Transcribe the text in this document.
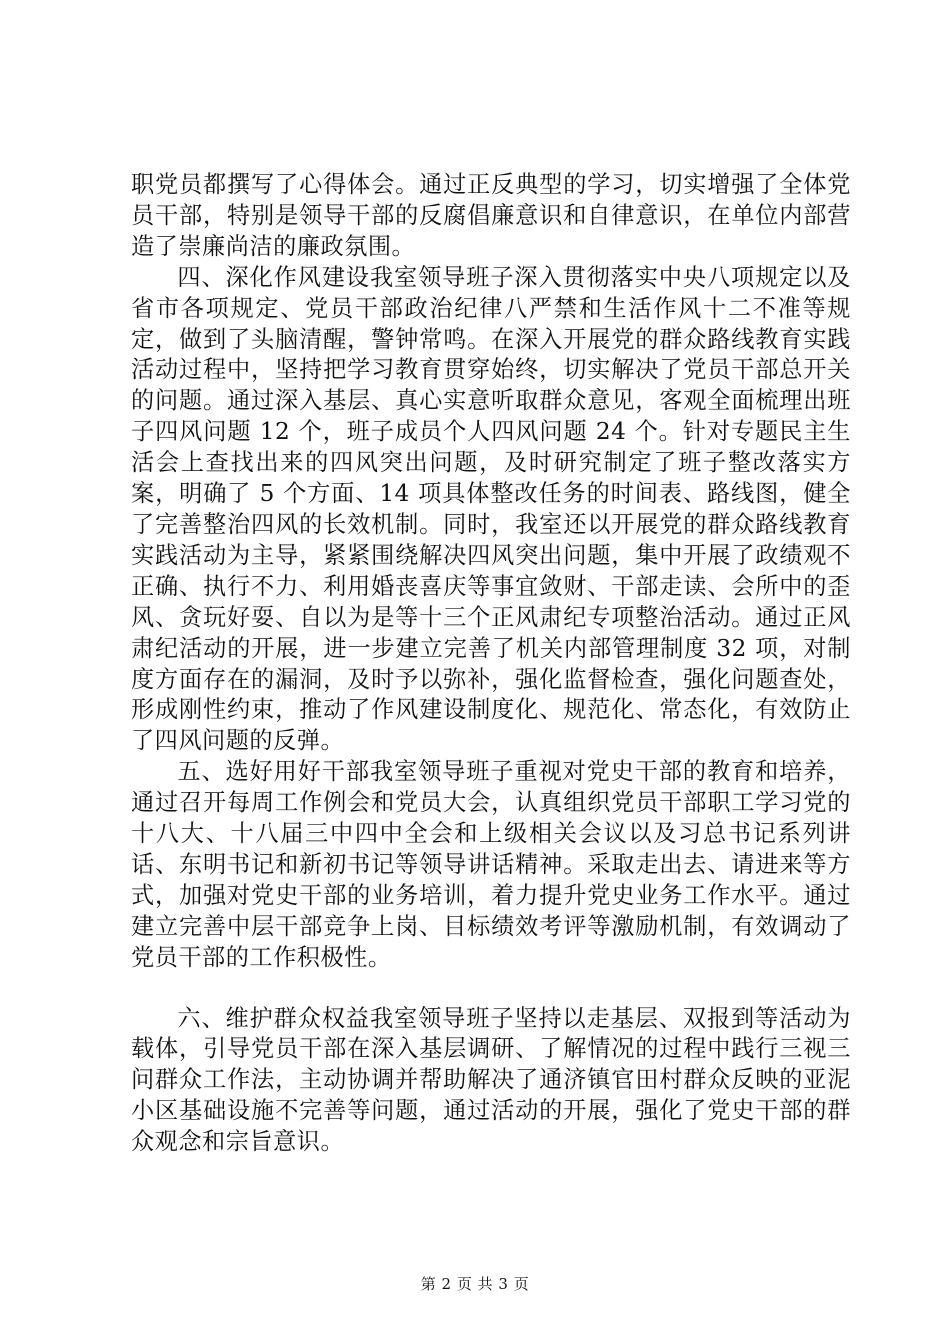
职党员都撰写了心得体会。通过正反典型的学习，切实增强了全体党员干部，特别是领导干部的反腐倡廉意识和自律意识，在单位内部营造了崇廉尚洁的廉政氛围。

四、深化作风建设我室领导班子深入贯彻落实中央八项规定以及省市各项规定、党员干部政治纪律八严禁和生活作风十二不准等规定，做到了头脑清醒，警钟常鸣。在深入开展党的群众路线教育实践活动过程中，坚持把学习教育贯穿始终，切实解决了党员干部总开关的问题。通过深入基层、真心实意听取群众意见，客观全面梳理出班子四风问题 12 个，班子成员个人四风问题 24 个。针对专题民主生活会上查找出来的四风突出问题，及时研究制定了班子整改落实方案，明确了 5 个方面、14 项具体整改任务的时间表、路线图，健全了完善整治四风的长效机制。同时，我室还以开展党的群众路线教育实践活动为主导，紧紧围绕解决四风突出问题，集中开展了政绩观不正确、执行不力、利用婚丧喜庆等事宜敛财、干部走读、会所中的歪风、贪玩好耍、自以为是等十三个正风肃纪专项整治活动。通过正风肃纪活动的开展，进一步建立完善了机关内部管理制度 32 项，对制度方面存在的漏洞，及时予以弥补，强化监督检查，强化问题查处，形成刚性约束，推动了作风建设制度化、规范化、常态化，有效防止了四风问题的反弹。

五、选好用好干部我室领导班子重视对党史干部的教育和培养，通过召开每周工作例会和党员大会，认真组织党员干部职工学习党的十八大、十八届三中四中全会和上级相关会议以及习总书记系列讲话、东明书记和新初书记等领导讲话精神。采取走出去、请进来等方式，加强对党史干部的业务培训，着力提升党史业务工作水平。通过建立完善中层干部竞争上岗、目标绩效考评等激励机制，有效调动了党员干部的工作积极性。

六、维护群众权益我室领导班子坚持以走基层、双报到等活动为载体，引导党员干部在深入基层调研、了解情况的过程中践行三视三问群众工作法，主动协调并帮助解决了通济镇官田村群众反映的亚泥小区基础设施不完善等问题，通过活动的开展，强化了党史干部的群众观念和宗旨意识。

第 2 页 共 3 页
